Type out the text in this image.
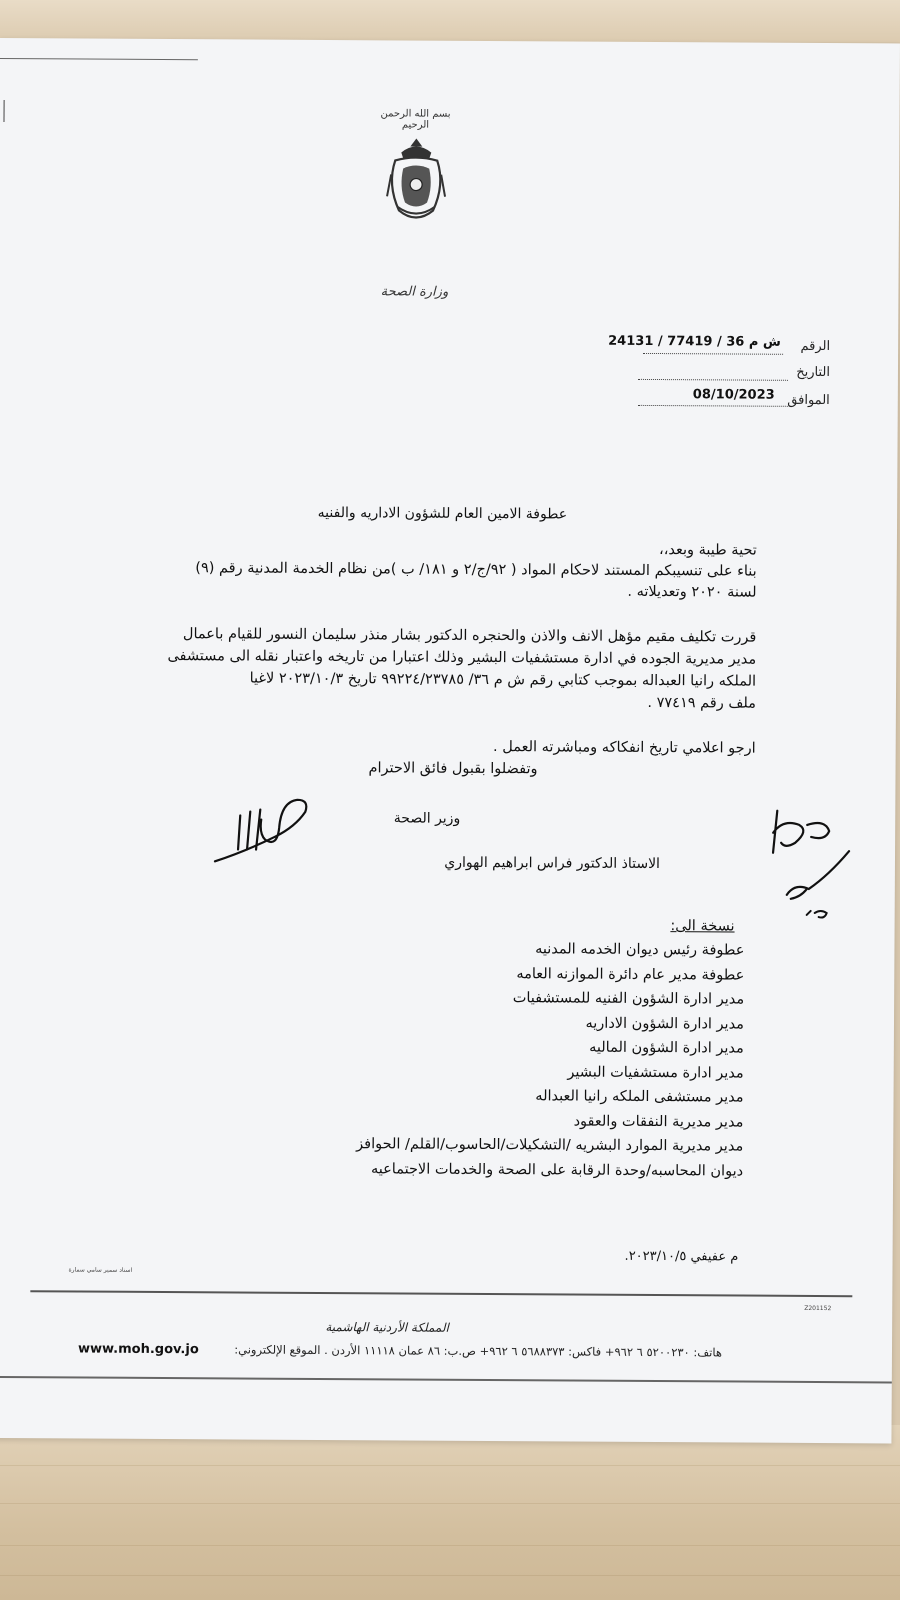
بسم الله الرحمن الرحيم
وزارة الصحة
الرقم
ش م 36 / 77419 / 24131
التاريخ
الموافق
08/10/2023
عطوفة الامين العام للشؤون الاداريه والفنيه
تحية طيبة وبعد،،
بناء على تنسيبكم المستند لاحكام المواد ( ٩٢/ج/٢ و ١٨١/ ب )من نظام الخدمة المدنية رقم (٩)
لسنة ٢٠٢٠ وتعديلاته .
قررت تكليف مقيم مؤهل الانف والاذن والحنجره الدكتور بشار منذر سليمان النسور للقيام باعمال
مدير مديرية الجوده في ادارة مستشفيات البشير وذلك اعتبارا من تاريخه واعتبار نقله الى مستشفى
الملكه رانيا العبداله بموجب كتابي رقم ش م ٣٦/ ٩٩٢٢٤/٢٣٧٨٥ تاريخ ٢٠٢٣/١٠/٣ لاغيا
ملف رقم ٧٧٤١٩ .
ارجو اعلامي تاريخ انفكاكه ومباشرته العمل .
وتفضلوا بقبول فائق الاحترام
وزير الصحة
الاستاذ الدكتور فراس ابراهيم الهواري
نسخة الى:
عطوفة رئيس ديوان الخدمه المدنيه
عطوفة مدير عام دائرة الموازنه العامه
مدير ادارة الشؤون الفنيه للمستشفيات
مدير ادارة الشؤون الاداريه
مدير ادارة الشؤون الماليه
مدير ادارة مستشفيات البشير
مدير مستشفى الملكه رانيا العبداله
مدير مديرية النفقات والعقود
مدير مديرية الموارد البشريه /التشكيلات/الحاسوب/القلم/ الحوافز
ديوان المحاسبه/وحدة الرقابة على الصحة والخدمات الاجتماعيه
م عفيفي ٢٠٢٣/١٠/٥.
اسناد سمير سامي سمارة
Z201152
المملكة الأردنية الهاشمية
www.moh.gov.jo	هاتف: ٥٢٠٠٢٣٠ ٦ ٩٦٢+ فاكس: ٥٦٨٨٣٧٣ ٦ ٩٦٢+ ص.ب: ٨٦ عمان ١١١١٨ الأردن . الموقع الإلكتروني:
